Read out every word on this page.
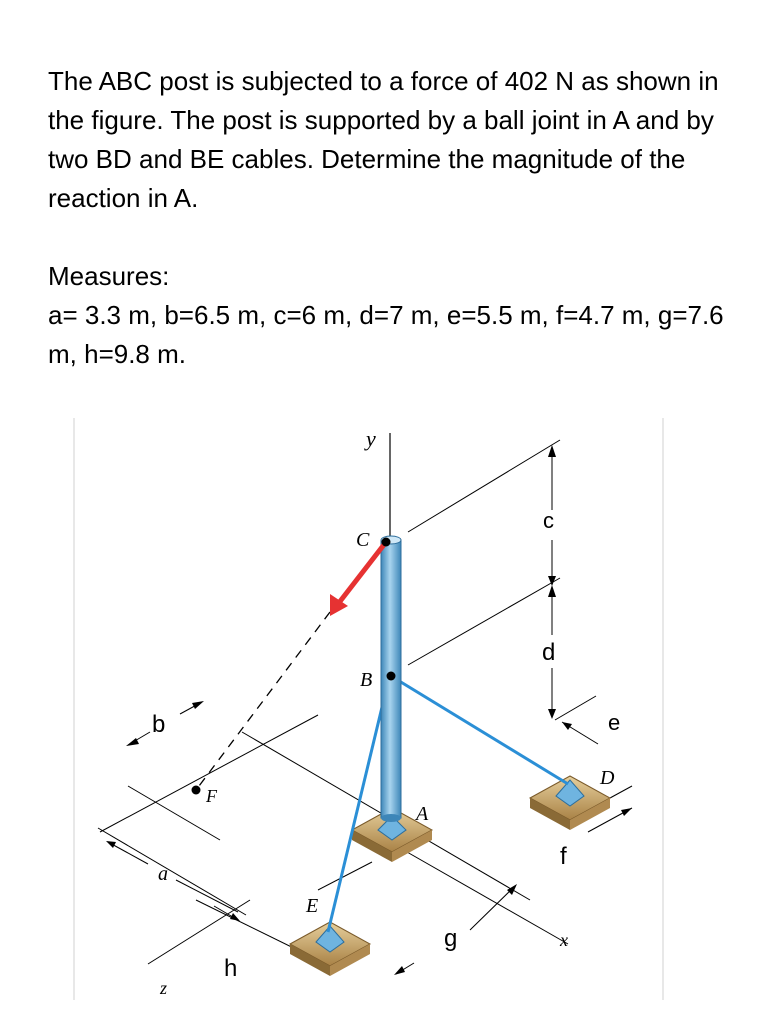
The ABC post is subjected to a force of 402 N as shown in the figure. The post is supported by a ball joint in A and by two BD and BE cables. Determine the magnitude of the reaction in A.

Measures:

a= 3.3 m, b=6.5 m, c=6 m, d=7 m, e=5.5 m, f=4.7 m, g=7.6 m, h=9.8 m.

y
C
B
A
D
E
F
x
z
c
d
e
f
g
h
b
a
